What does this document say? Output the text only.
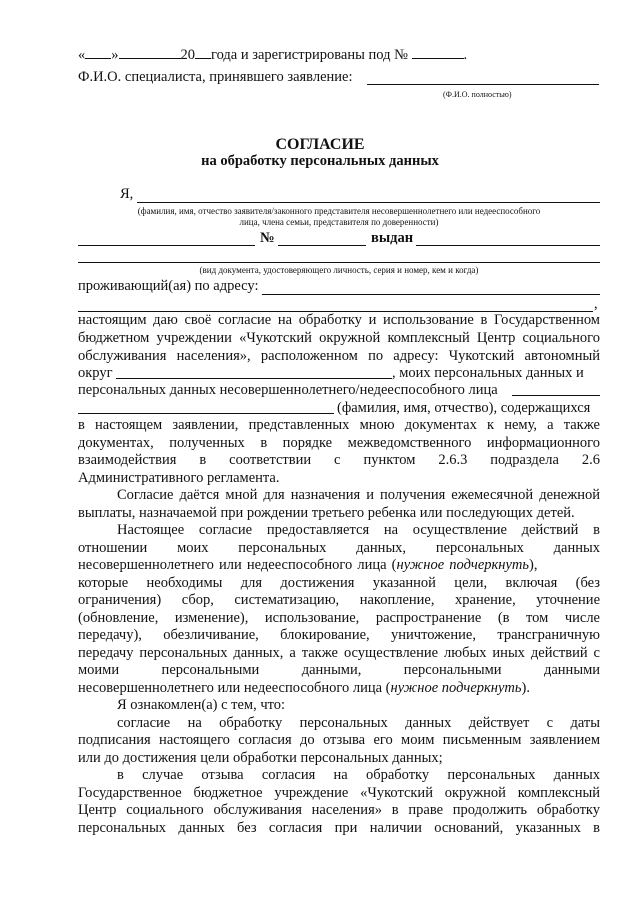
« »	20 года и зарегистрированы под №	.
Ф.И.О. специалиста, принявшего заявление:
(Ф.И.О. полностью)
СОГЛАСИЕ
на обработку персональных данных
Я,
(фамилия, имя, отчество заявителя/законного представителя несовершеннолетнего или недееспособного
лица, члена семьи, представителя по доверенности)
№	выдан
(вид документа, удостоверяющего личность, серия и номер, кем и когда)
проживающий(ая) по адресу:
,
настоящим даю своё согласие на обработку и использование в Государственном
бюджетном учреждении «Чукотский окружной комплексный Центр социального
обслуживания населения», расположенном по адресу: Чукотский автономный
округ	, моих персональных данных и
персональных данных несовершеннолетнего/недееспособного лица
(фамилия, имя, отчество), содержащихся
в настоящем заявлении, представленных мною документах к нему, а также
документах, полученных в порядке межведомственного информационного
взаимодействия в соответствии с пунктом 2.6.3 подраздела 2.6
Административного регламента.
Согласие даётся мной для назначения и получения ежемесячной денежной
выплаты, назначаемой при рождении третьего ребенка или последующих детей.
Настоящее согласие предоставляется на осуществление действий в
отношении моих персональных данных, персональных данных
несовершеннолетнего или недееспособного лица (нужное подчеркнуть),
которые необходимы для достижения указанной цели, включая (без
ограничения) сбор, систематизацию, накопление, хранение, уточнение
(обновление, изменение), использование, распространение (в том числе
передачу), обезличивание, блокирование, уничтожение, трансграничную
передачу персональных данных, а также осуществление любых иных действий с
моими персональными данными, персональными данными
несовершеннолетнего или недееспособного лица (нужное подчеркнуть).
Я ознакомлен(а) с тем, что:
согласие на обработку персональных данных действует с даты
подписания настоящего согласия до отзыва его моим письменным заявлением
или до достижения цели обработки персональных данных;
в случае отзыва согласия на обработку персональных данных
Государственное бюджетное учреждение «Чукотский окружной комплексный
Центр социального обслуживания населения» в праве продолжить обработку
персональных данных без согласия при наличии оснований, указанных в
